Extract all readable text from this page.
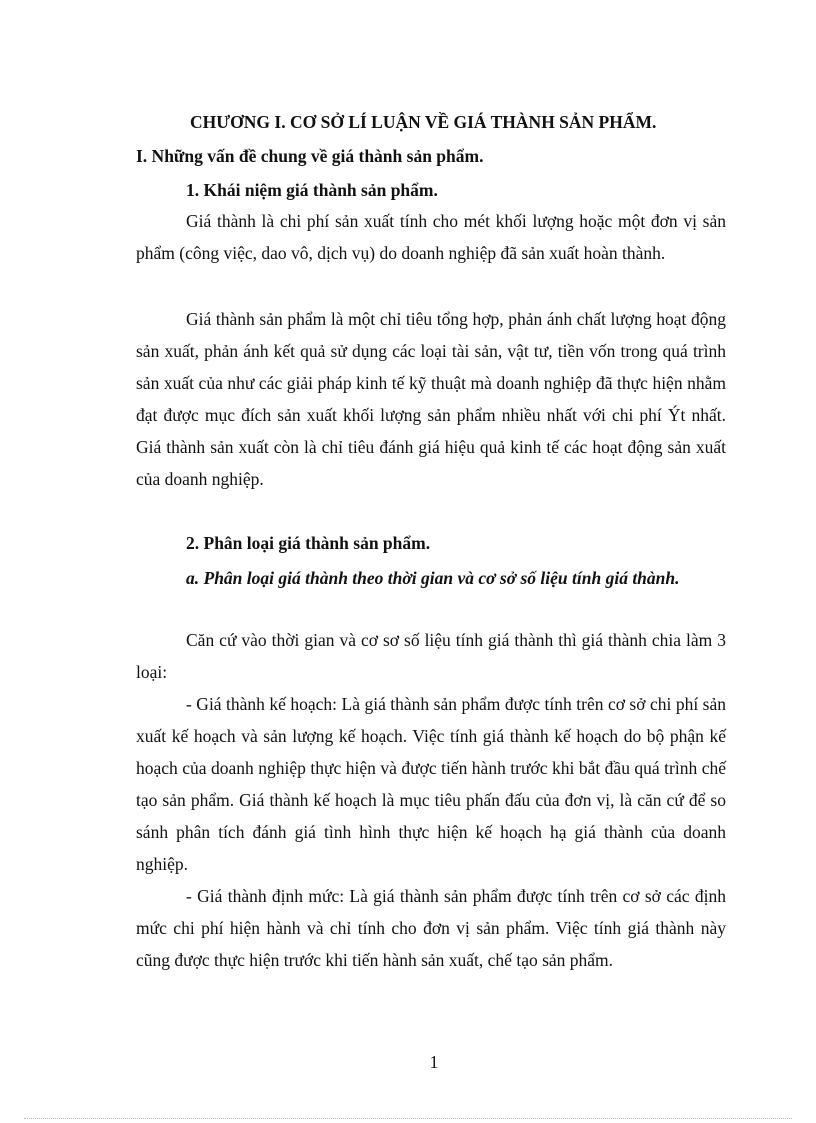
CHƯƠNG I. CƠ SỞ LÍ LUẬN VỀ GIÁ THÀNH SẢN PHẨM.
I. Những vấn đề chung về giá thành sản phẩm.
1. Khái niệm giá thành sản phẩm.

Giá thành là chi phí sản xuất tính cho mét khối lượng hoặc một đơn vị sản phẩm (công việc, dao vô, dịch vụ) do doanh nghiệp đã sản xuất hoàn thành.

Giá thành sản phẩm là một chỉ tiêu tổng hợp, phản ánh chất lượng hoạt động sản xuất, phản ánh kết quả sử dụng các loại tài sản, vật tư, tiền vốn trong quá trình sản xuất của như các giải pháp kinh tế kỹ thuật mà doanh nghiệp đã thực hiện nhằm đạt được mục đích sản xuất khối lượng sản phẩm nhiều nhất với chi phí Ýt nhất. Giá thành sản xuất còn là chỉ tiêu đánh giá hiệu quả kinh tế các hoạt động sản xuất của doanh nghiệp.

2. Phân loại giá thành sản phẩm.

a. Phân loại giá thành theo thời gian và cơ sở số liệu tính giá thành.

Căn cứ vào thời gian và cơ sơ số liệu tính giá thành thì giá thành chia làm 3 loại:

- Giá thành kế hoạch: Là giá thành sản phẩm được tính trên cơ sở chi phí sản xuất kế hoạch và sản lượng kế hoạch. Việc tính giá thành kế hoạch do bộ phận kế hoạch của doanh nghiệp thực hiện và được tiến hành trước khi bắt đầu quá trình chế tạo sản phẩm. Giá thành kế hoạch là mục tiêu phấn đấu của đơn vị, là căn cứ để so sánh phân tích đánh giá tình hình thực hiện kế hoạch hạ giá thành của doanh nghiệp.

- Giá thành định mức: Là giá thành sản phẩm được tính trên cơ sở các định mức chi phí hiện hành và chỉ tính cho đơn vị sản phẩm. Việc tính giá thành này cũng được thực hiện trước khi tiến hành sản xuất, chế tạo sản phẩm.

1
